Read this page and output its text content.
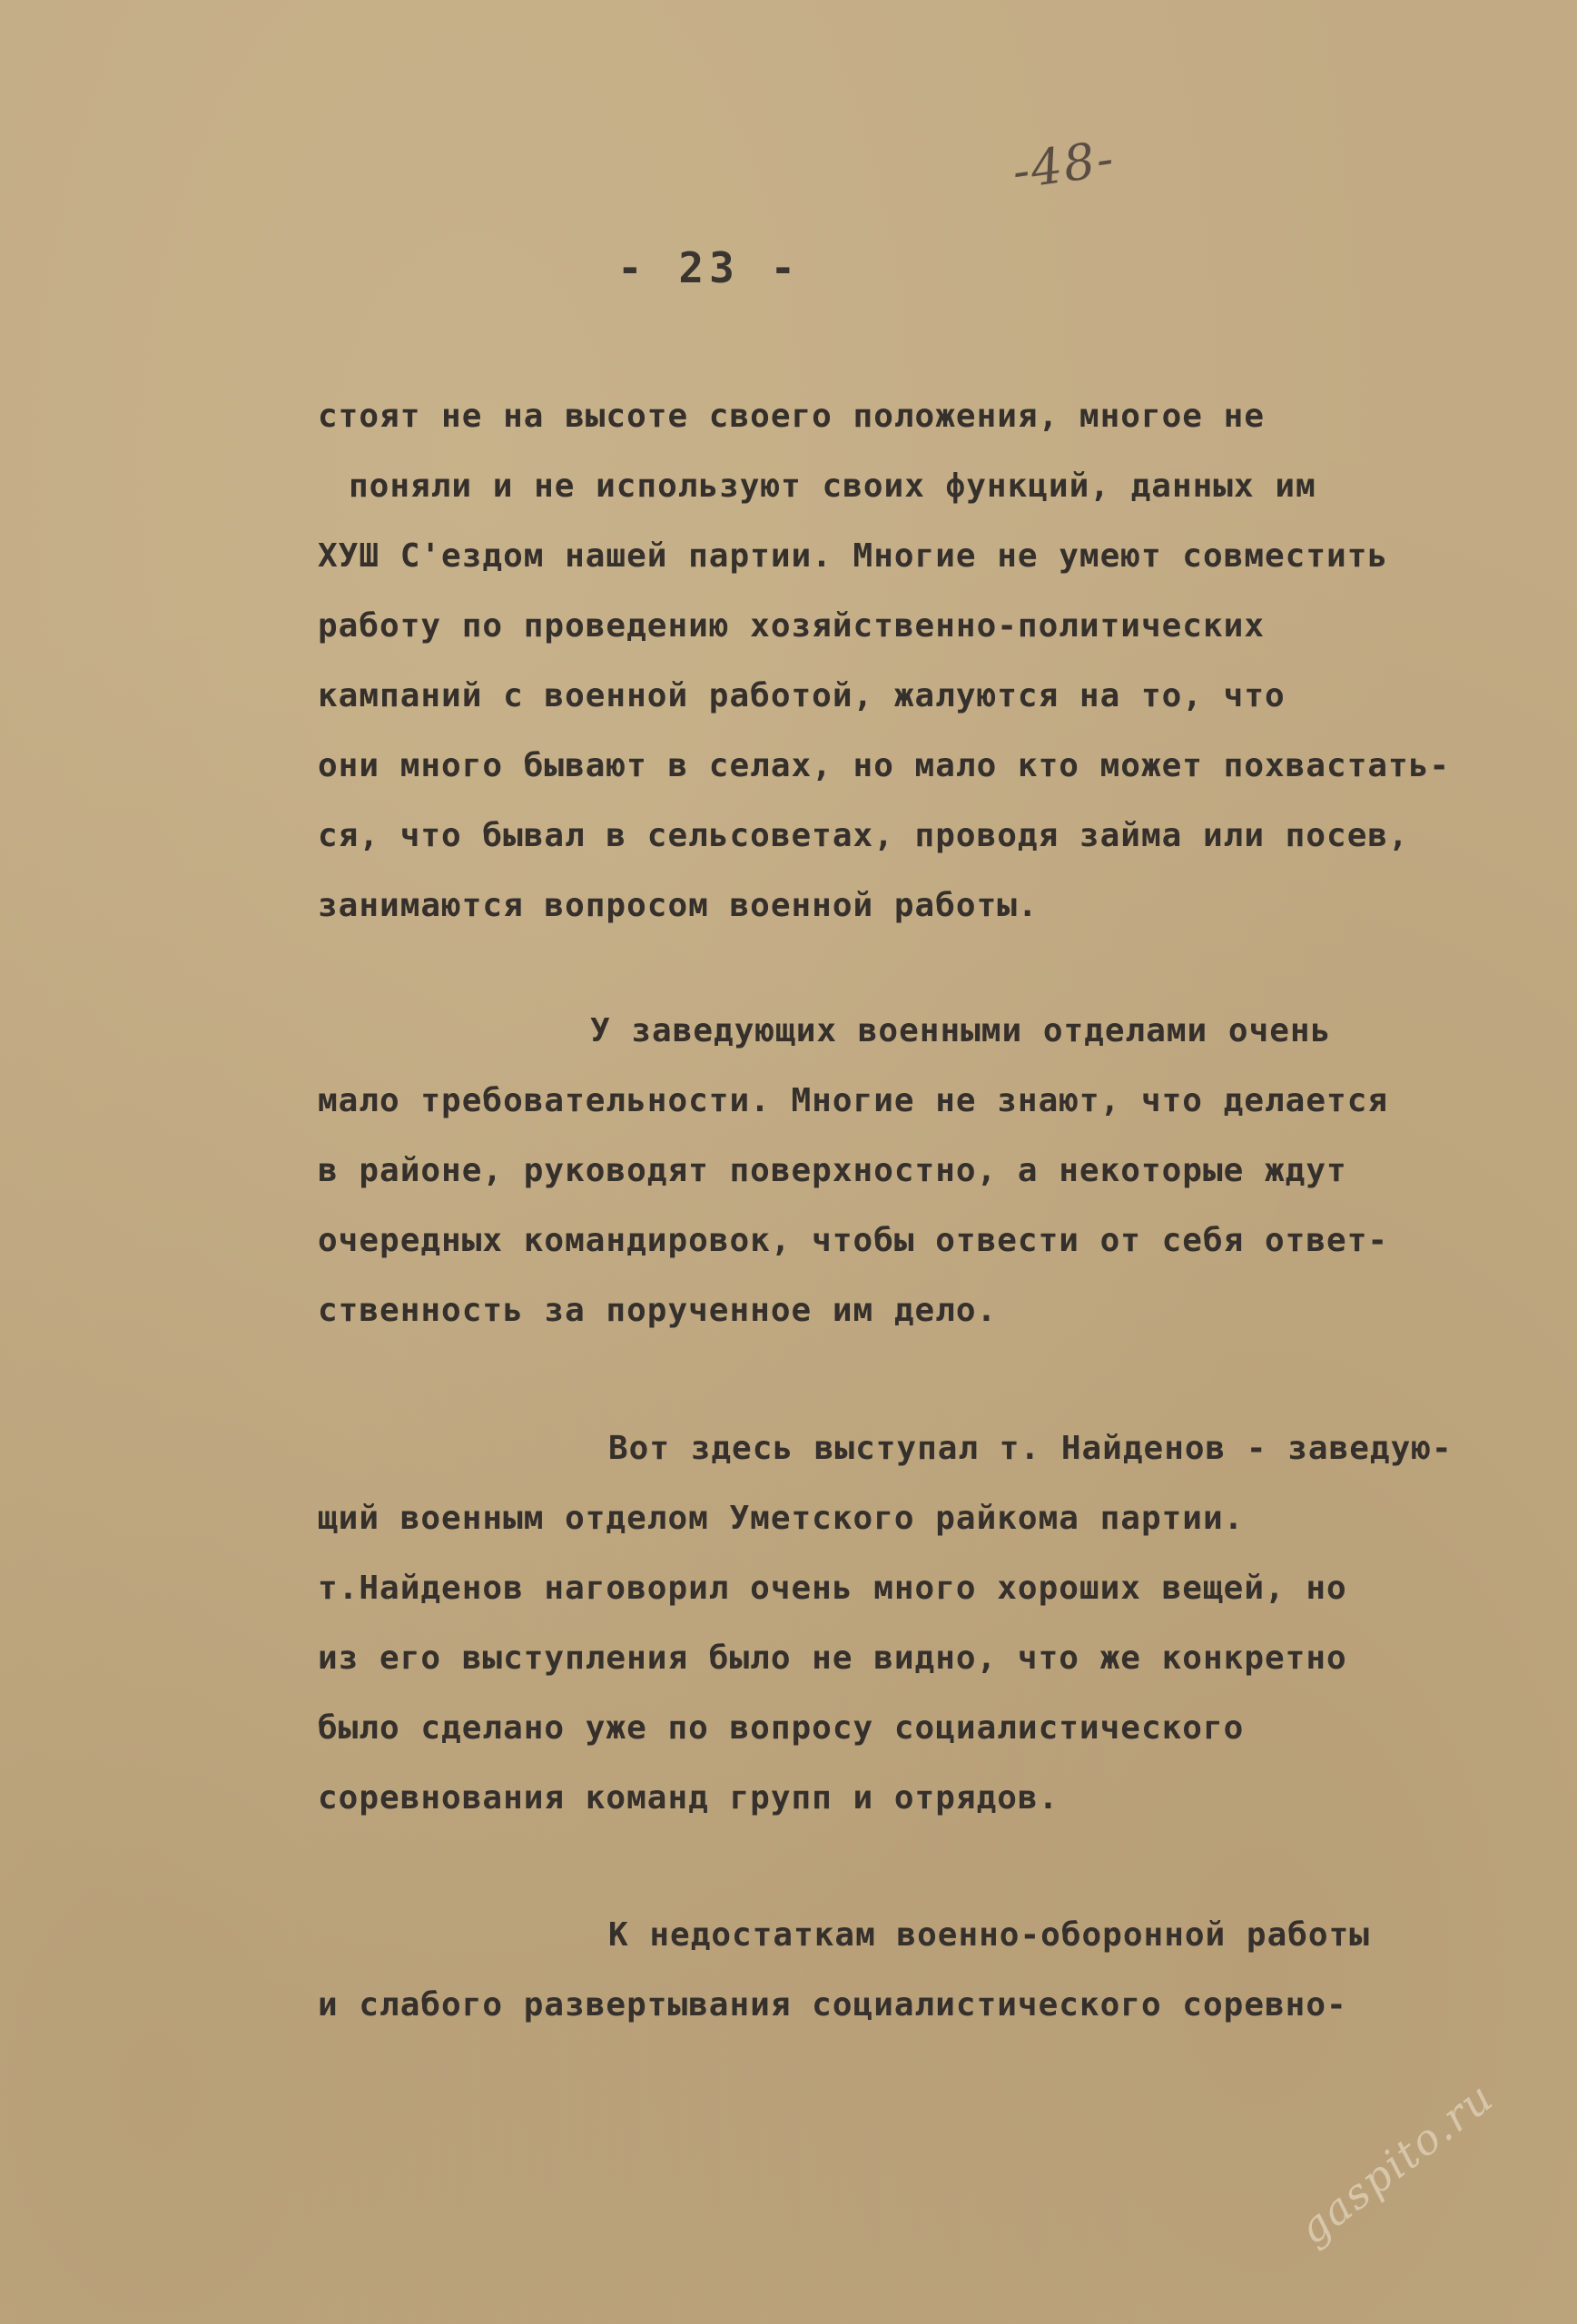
-48-
- 23 -
стоят не на высоте своего положения, многое не
поняли и не используют своих функций, данных им
ХУШ С'ездом нашей партии. Многие не умеют совместить
работу по проведению хозяйственно-политических
кампаний с военной работой, жалуются на то, что
они много бывают в селах, но мало кто может похвастать-
ся, что бывал в сельсоветах, проводя займа или посев,
занимаются вопросом военной работы.
У заведующих военными отделами очень
мало требовательности. Многие не знают, что делается
в районе, руководят поверхностно, а некоторые ждут
очередных командировок, чтобы отвести от себя ответ-
ственность за порученное им дело.
Вот здесь выступал т. Найденов - заведую-
щий военным отделом Уметского райкома партии.
т.Найденов наговорил очень много хороших вещей, но
из его выступления было не видно, что же конкретно
было сделано уже по вопросу социалистического
соревнования команд групп и отрядов.
К недостаткам военно-оборонной работы
и слабого развертывания социалистического соревно-
gaspito.ru
